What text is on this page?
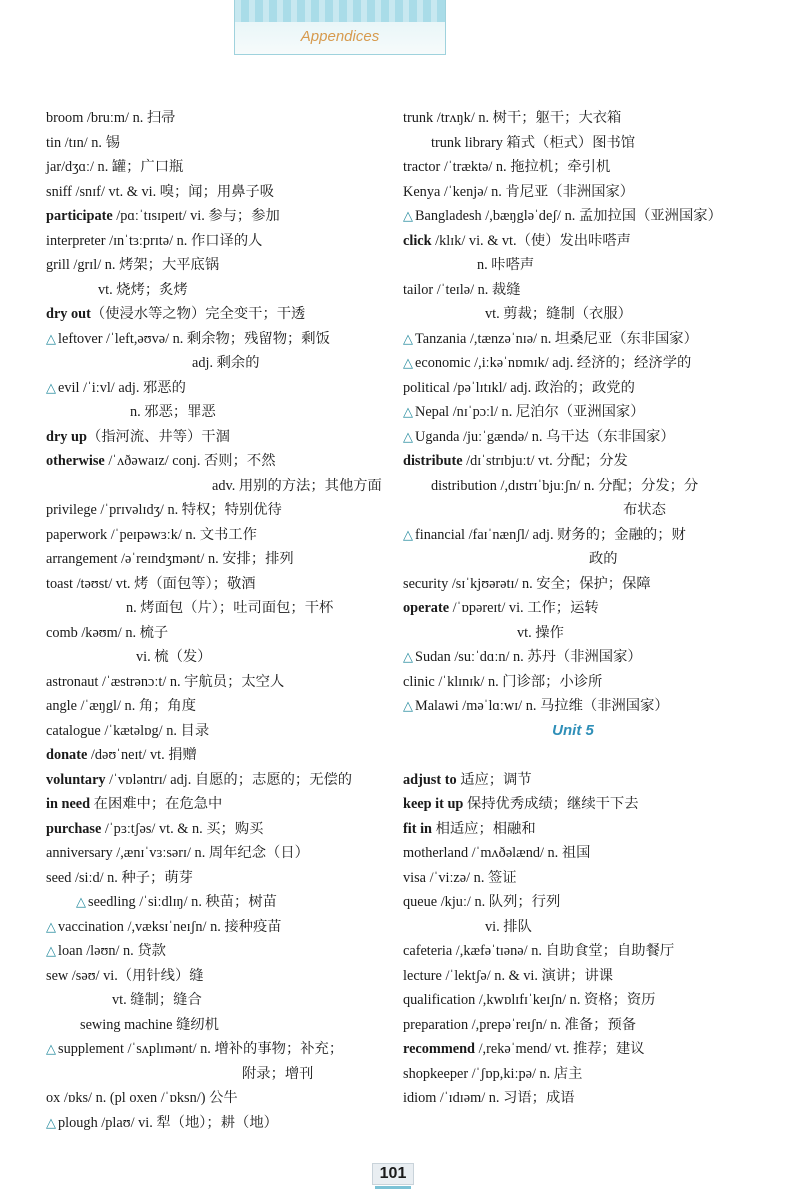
Appendices
broom /bruːm/ n. 扫帚
tin /tɪn/ n. 锡
jar/dʒɑː/ n. 罐；广口瓶
sniff /snɪf/ vt. & vi. 嗅；闻；用鼻子吸
participate /pɑːˈtɪsɪpeɪt/ vi. 参与；参加
interpreter /ɪnˈtɜːprɪtə/ n. 作口译的人
grill /grɪl/ n. 烤架；大平底锅
vt. 烧烤；炙烤
dry out（使浸水等之物）完全变干；干透
△ leftover /ˈleft,əʊvə/ n. 剩余物；残留物；剩饭
adj. 剩余的
△ evil /ˈiːvl/ adj. 邪恶的
n. 邪恶；罪恶
dry up（指河流、井等）干涸
otherwise /ˈʌðəwaɪz/ conj. 否则；不然
adv. 用别的方法；其他方面
privilege /ˈprɪvəlɪdʒ/ n. 特权；特别优待
paperwork /ˈpeɪpəwɜːk/ n. 文书工作
arrangement /əˈreɪndʒmənt/ n. 安排；排列
toast /təʊst/ vt. 烤（面包等）；敬酒
n. 烤面包（片）；吐司面包；干杯
comb /kəʊm/ n. 梳子
vi. 梳（发）
astronaut /ˈæstrənɔːt/ n. 宇航员；太空人
angle /ˈæŋgl/ n. 角；角度
catalogue /ˈkætəlɒg/ n. 目录
donate /dəʊˈneɪt/ vt. 捐赠
voluntary /ˈvɒləntrɪ/ adj. 自愿的；志愿的；无偿的
in need 在困难中；在危急中
purchase /ˈpɜːtʃəs/ vt. & n. 买；购买
anniversary /,ænɪˈvɜːsərɪ/ n. 周年纪念（日）
seed /siːd/ n. 种子；萌芽
△ seedling /ˈsiːdlɪŋ/ n. 秧苗；树苗
△ vaccination /,væksɪˈneɪʃn/ n. 接种疫苗
△ loan /ləʊn/ n. 贷款
sew /səʊ/ vi.（用针线）缝
vt. 缝制；缝合
sewing machine 缝纫机
△ supplement /ˈsʌplɪmənt/ n. 增补的事物；补充；
附录；增刊
ox /ɒks/ n. (pl oxen /ˈɒksn/) 公牛
△ plough /plaʊ/ vi. 犁（地）；耕（地）
trunk /trʌŋk/ n. 树干；躯干；大衣箱
trunk library 箱式（柜式）图书馆
tractor /ˈtræktə/ n. 拖拉机；牵引机
Kenya /ˈkenjə/ n. 肯尼亚（非洲国家）
△ Bangladesh /,bæŋgləˈdeʃ/ n. 孟加拉国（亚洲国家）
click /klɪk/ vi. & vt.（使）发出咔嗒声
n. 咔嗒声
tailor /ˈteɪlə/ n. 裁缝
vt. 剪裁；缝制（衣服）
△ Tanzania /,tænzəˈnɪə/ n. 坦桑尼亚（东非国家）
△ economic /,iːkəˈnɒmɪk/ adj. 经济的；经济学的
political /pəˈlɪtɪkl/ adj. 政治的；政党的
△ Nepal /nɪˈpɔːl/ n. 尼泊尔（亚洲国家）
△ Uganda /juːˈgændə/ n. 乌干达（东非国家）
distribute /dɪˈstrɪbjuːt/ vt. 分配；分发
distribution /,dɪstrɪˈbjuːʃn/ n. 分配；分发；分
布状态
△ financial /faɪˈnænʃl/ adj. 财务的；金融的；财
政的
security /sɪˈkjʊərətɪ/ n. 安全；保护；保障
operate /ˈɒpəreɪt/ vi. 工作；运转
vt. 操作
△ Sudan /suːˈdɑːn/ n. 苏丹（非洲国家）
clinic /ˈklɪnɪk/ n. 门诊部；小诊所
△ Malawi /məˈlɑːwɪ/ n. 马拉维（非洲国家）
Unit 5
adjust to 适应；调节
keep it up 保持优秀成绩；继续干下去
fit in 相适应；相融和
motherland /ˈmʌðəlænd/ n. 祖国
visa /ˈviːzə/ n. 签证
queue /kjuː/ n. 队列；行列
vi. 排队
cafeteria /,kæfəˈtɪənə/ n. 自助食堂；自助餐厅
lecture /ˈlektʃə/ n. & vi. 演讲；讲课
qualification /,kwɒlɪfɪˈkeɪʃn/ n. 资格；资历
preparation /,prepəˈreɪʃn/ n. 准备；预备
recommend /,rekəˈmend/ vt. 推荐；建议
shopkeeper /ˈʃɒp,kiːpə/ n. 店主
idiom /ˈɪdɪəm/ n. 习语；成语
101
